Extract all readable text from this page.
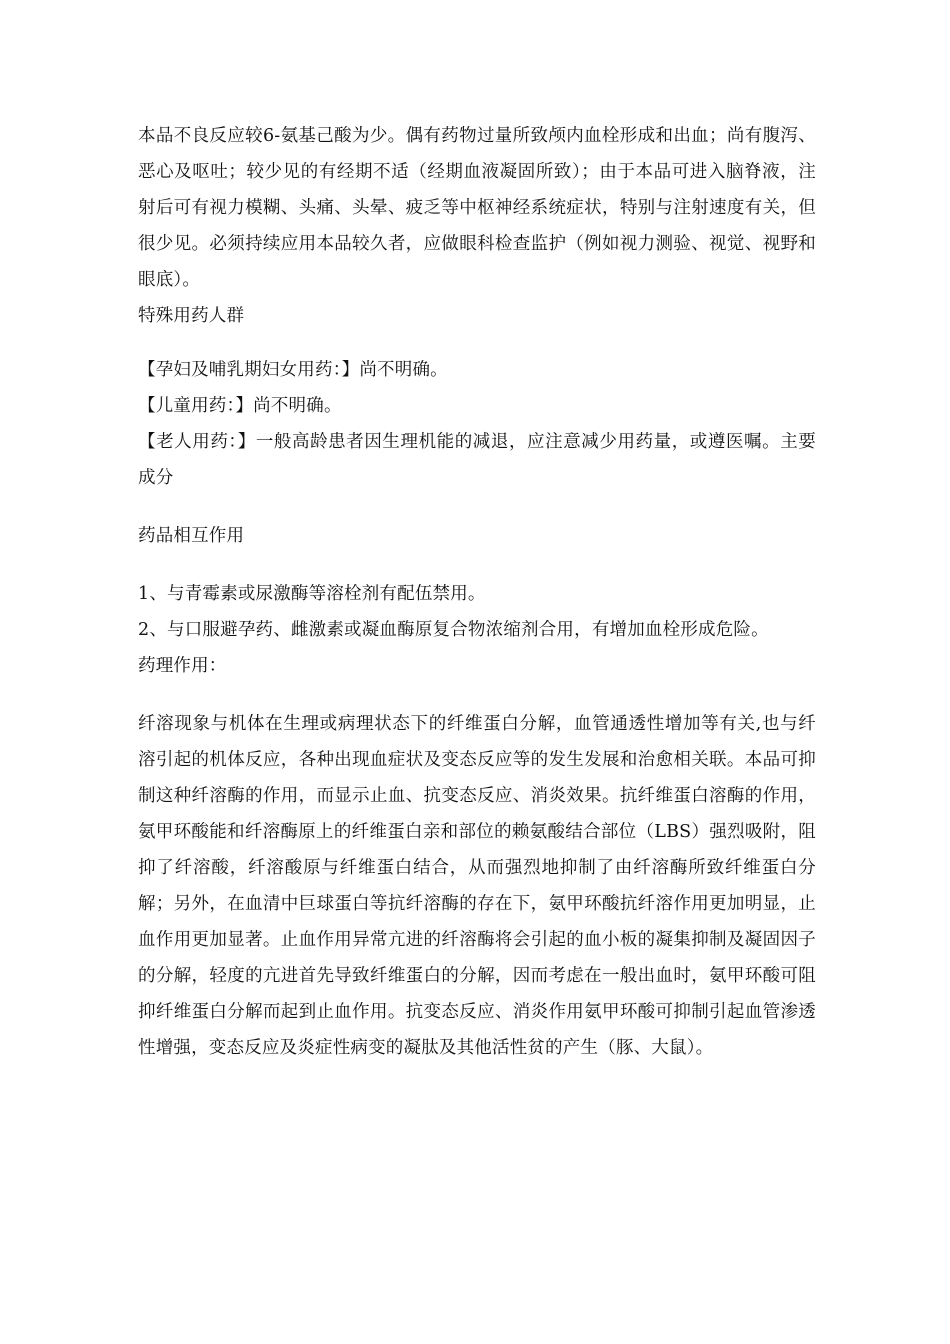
本品不良反应较6-氨基己酸为少。偶有药物过量所致颅内血栓形成和出血；尚有腹泻、恶心及呕吐；较少见的有经期不适（经期血液凝固所致）；由于本品可进入脑脊液，注射后可有视力模糊、头痛、头晕、疲乏等中枢神经系统症状，特别与注射速度有关，但很少见。必须持续应用本品较久者，应做眼科检查监护（例如视力测验、视觉、视野和眼底）。

特殊用药人群

【孕妇及哺乳期妇女用药：】尚不明确。

【儿童用药：】尚不明确。

【老人用药：】一般高龄患者因生理机能的减退，应注意减少用药量，或遵医嘱。主要成分

药品相互作用

1、与青霉素或尿激酶等溶栓剂有配伍禁用。

2、与口服避孕药、雌激素或凝血酶原复合物浓缩剂合用，有增加血栓形成危险。

药理作用：

纤溶现象与机体在生理或病理状态下的纤维蛋白分解，血管通透性增加等有关,也与纤溶引起的机体反应，各种出现血症状及变态反应等的发生发展和治愈相关联。本品可抑制这种纤溶酶的作用，而显示止血、抗变态反应、消炎效果。抗纤维蛋白溶酶的作用，氨甲环酸能和纤溶酶原上的纤维蛋白亲和部位的赖氨酸结合部位（LBS）强烈吸附，阻抑了纤溶酸，纤溶酸原与纤维蛋白结合，从而强烈地抑制了由纤溶酶所致纤维蛋白分解；另外，在血清中巨球蛋白等抗纤溶酶的存在下，氨甲环酸抗纤溶作用更加明显，止血作用更加显著。止血作用异常亢进的纤溶酶将会引起的血小板的凝集抑制及凝固因子的分解，轻度的亢进首先导致纤维蛋白的分解，因而考虑在一般出血时，氨甲环酸可阻抑纤维蛋白分解而起到止血作用。抗变态反应、消炎作用氨甲环酸可抑制引起血管渗透性增强，变态反应及炎症性病变的凝肽及其他活性贫的产生（豚、大鼠）。
